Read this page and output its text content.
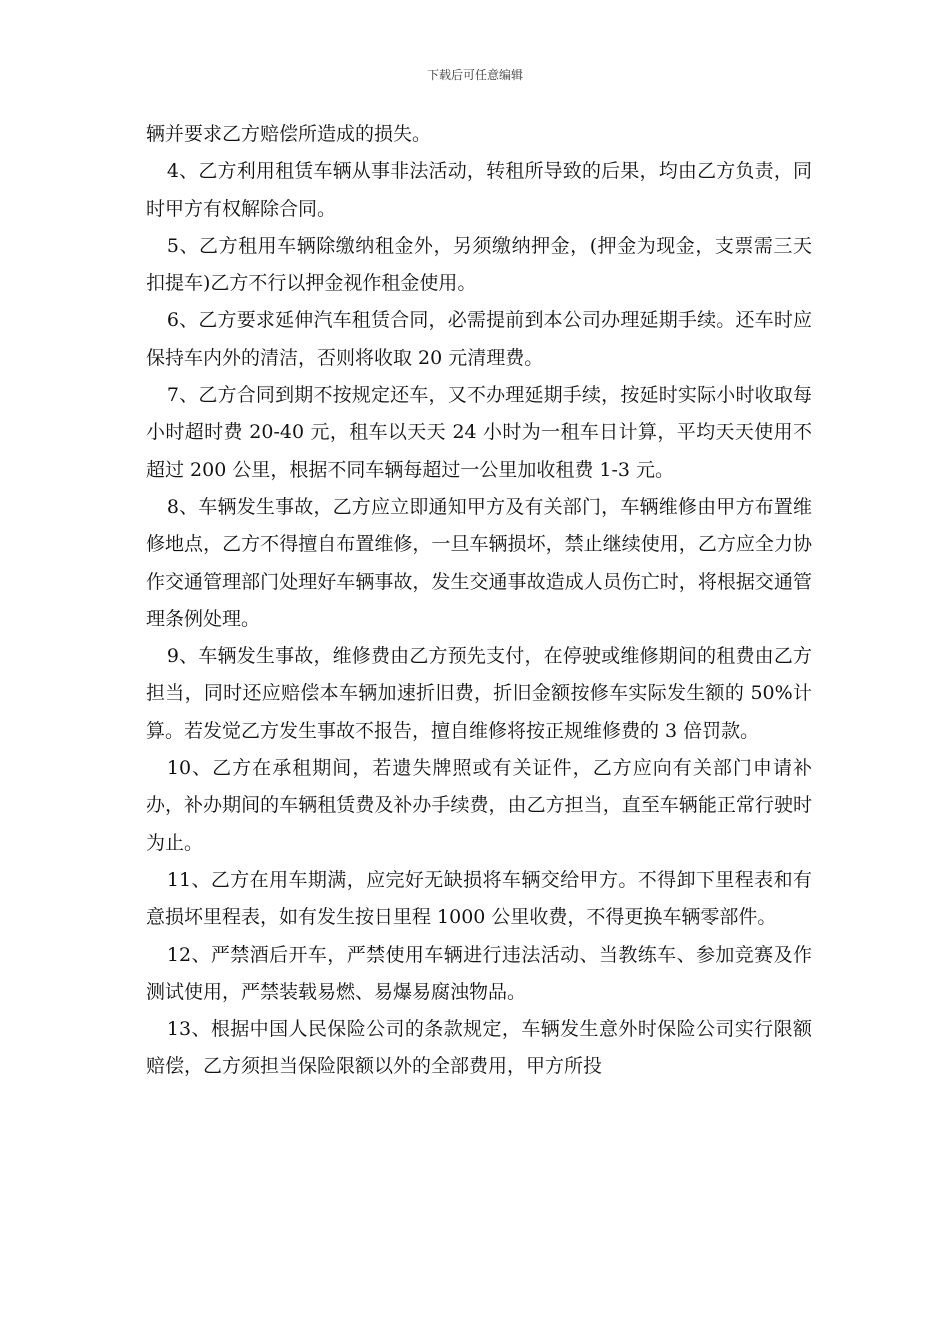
下载后可任意编辑

辆并要求乙方赔偿所造成的损失。

4、乙方利用租赁车辆从事非法活动，转租所导致的后果，均由乙方负责，同时甲方有权解除合同。

5、乙方租用车辆除缴纳租金外，另须缴纳押金，(押金为现金，支票需三天扣提车)乙方不行以押金视作租金使用。

6、乙方要求延伸汽车租赁合同，必需提前到本公司办理延期手续。还车时应保持车内外的清洁，否则将收取 20 元清理费。

7、乙方合同到期不按规定还车，又不办理延期手续，按延时实际小时收取每小时超时费 20-40 元，租车以天天 24 小时为一租车日计算，平均天天使用不超过 200 公里，根据不同车辆每超过一公里加收租费 1-3 元。

8、车辆发生事故，乙方应立即通知甲方及有关部门，车辆维修由甲方布置维修地点，乙方不得擅自布置维修，一旦车辆损坏，禁止继续使用，乙方应全力协作交通管理部门处理好车辆事故，发生交通事故造成人员伤亡时，将根据交通管理条例处理。

9、车辆发生事故，维修费由乙方预先支付，在停驶或维修期间的租费由乙方担当，同时还应赔偿本车辆加速折旧费，折旧金额按修车实际发生额的 50%计算。若发觉乙方发生事故不报告，擅自维修将按正规维修费的 3 倍罚款。

10、乙方在承租期间，若遗失牌照或有关证件，乙方应向有关部门申请补办，补办期间的车辆租赁费及补办手续费，由乙方担当，直至车辆能正常行驶时为止。

11、乙方在用车期满，应完好无缺损将车辆交给甲方。不得卸下里程表和有意损坏里程表，如有发生按日里程 1000 公里收费，不得更换车辆零部件。

12、严禁酒后开车，严禁使用车辆进行违法活动、当教练车、参加竞赛及作测试使用，严禁装载易燃、易爆易腐浊物品。

13、根据中国人民保险公司的条款规定，车辆发生意外时保险公司实行限额赔偿，乙方须担当保险限额以外的全部费用，甲方所投
